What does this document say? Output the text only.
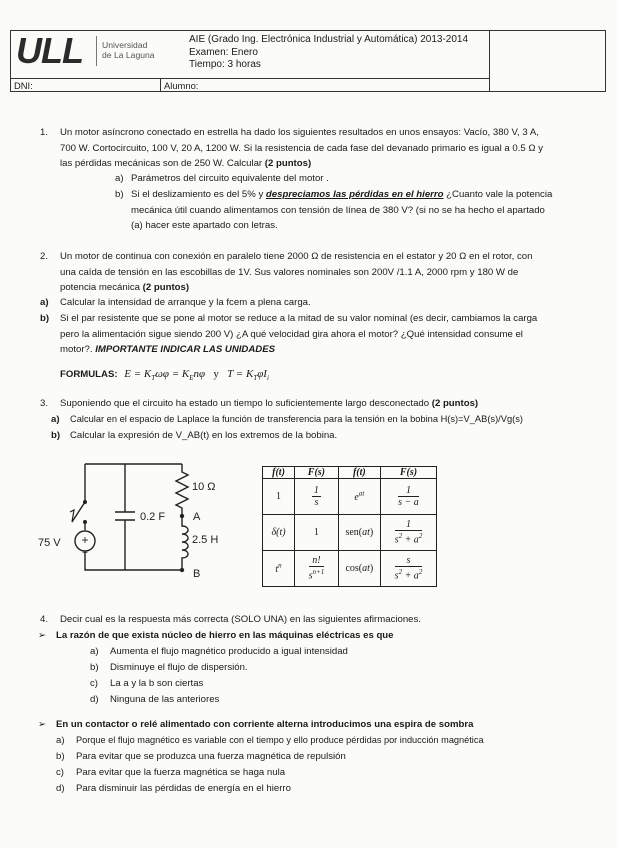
ULL Universidad
de La Laguna
AIE (Grado Ing. Electrónica Industrial y Automática) 2013-2014
Examen: Enero
Tiempo: 3 horas
DNI:	Alumno:
1. Un motor asíncrono conectado en estrella ha dado los siguientes resultados en unos ensayos: Vacío, 380 V, 3 A,
700 W. Cortocircuito, 100 V, 20 A, 1200 W. Si la resistencia de cada fase del devanado primario es igual a 0.5 Ω y
las pérdidas mecánicas son de 250 W. Calcular (2 puntos)
a) Parámetros del circuito equivalente del motor .
b) Si el deslizamiento es del 5% y despreciamos las pérdidas en el hierro ¿Cuanto vale la potencia
mecánica útil cuando alimentamos con tensión de línea de 380 V? (si no se ha hecho el apartado
(a) hacer este apartado con letras.
2. Un motor de continua con conexión en paralelo tiene 2000 Ω de resistencia en el estator y 20 Ω en el rotor, con
una caída de tensión en las escobillas de 1V. Sus valores nominales son 200V /1.1 A, 2000 rpm y 180 W de
potencia mecánica (2 puntos)
a) Calcular la intensidad de arranque y la fcem a plena carga.
b) Si el par resistente que se pone al motor se reduce a la mitad de su valor nominal (es decir, cambiamos la carga
pero la alimentación sigue siendo 200 V) ¿A qué velocidad gira ahora el motor? ¿Qué intensidad consume el
motor?. IMPORTANTE INDICAR LAS UNIDADES
FORMULAS: $E = K_T\omega\varphi = K_En\varphi$   y   $T = K_T\varphi I_i$
3. Suponiendo que el circuito ha estado un tiempo lo suficientemente largo desconectado (2 puntos)
a) Calcular en el espacio de Laplace la función de transferencia para la tensión en la bobina H(s)=V_AB(s)/Vg(s)
b) Calcular la expresión de V_AB(t) en los extremos de la bobina.
+
−
75 V
0.2 F
10 Ω
A
2.5 H
B
f(t)	F(s)	f(t)	F(s)
1	$\frac{1}{s}$	$e^{at}$	$\frac{1}{s - a}$

δ(t)	1	sen(at)	$\frac{1}{s^2 + a^2}$

$t^n$	$\frac{n!}{s^{n+1}}$	cos(at)	$\frac{s}{s^2 + a^2}$
4. Decir cual es la respuesta más correcta (SOLO UNA) en las siguientes afirmaciones.
➢ La razón de que exista núcleo de hierro en las máquinas eléctricas es que
a) Aumenta el flujo magnético producido a igual intensidad
b) Disminuye el flujo de dispersión.
c) La a y la b son ciertas
d) Ninguna de las anteriores
➢ En un contactor o relé alimentado con corriente alterna introducimos una espira de sombra
a) Porque el flujo magnético es variable con el tiempo y ello produce pérdidas por inducción magnética
b) Para evitar que se produzca una fuerza magnética de repulsión
c) Para evitar que la fuerza magnética se haga nula
d) Para disminuir las pérdidas de energía en el hierro
